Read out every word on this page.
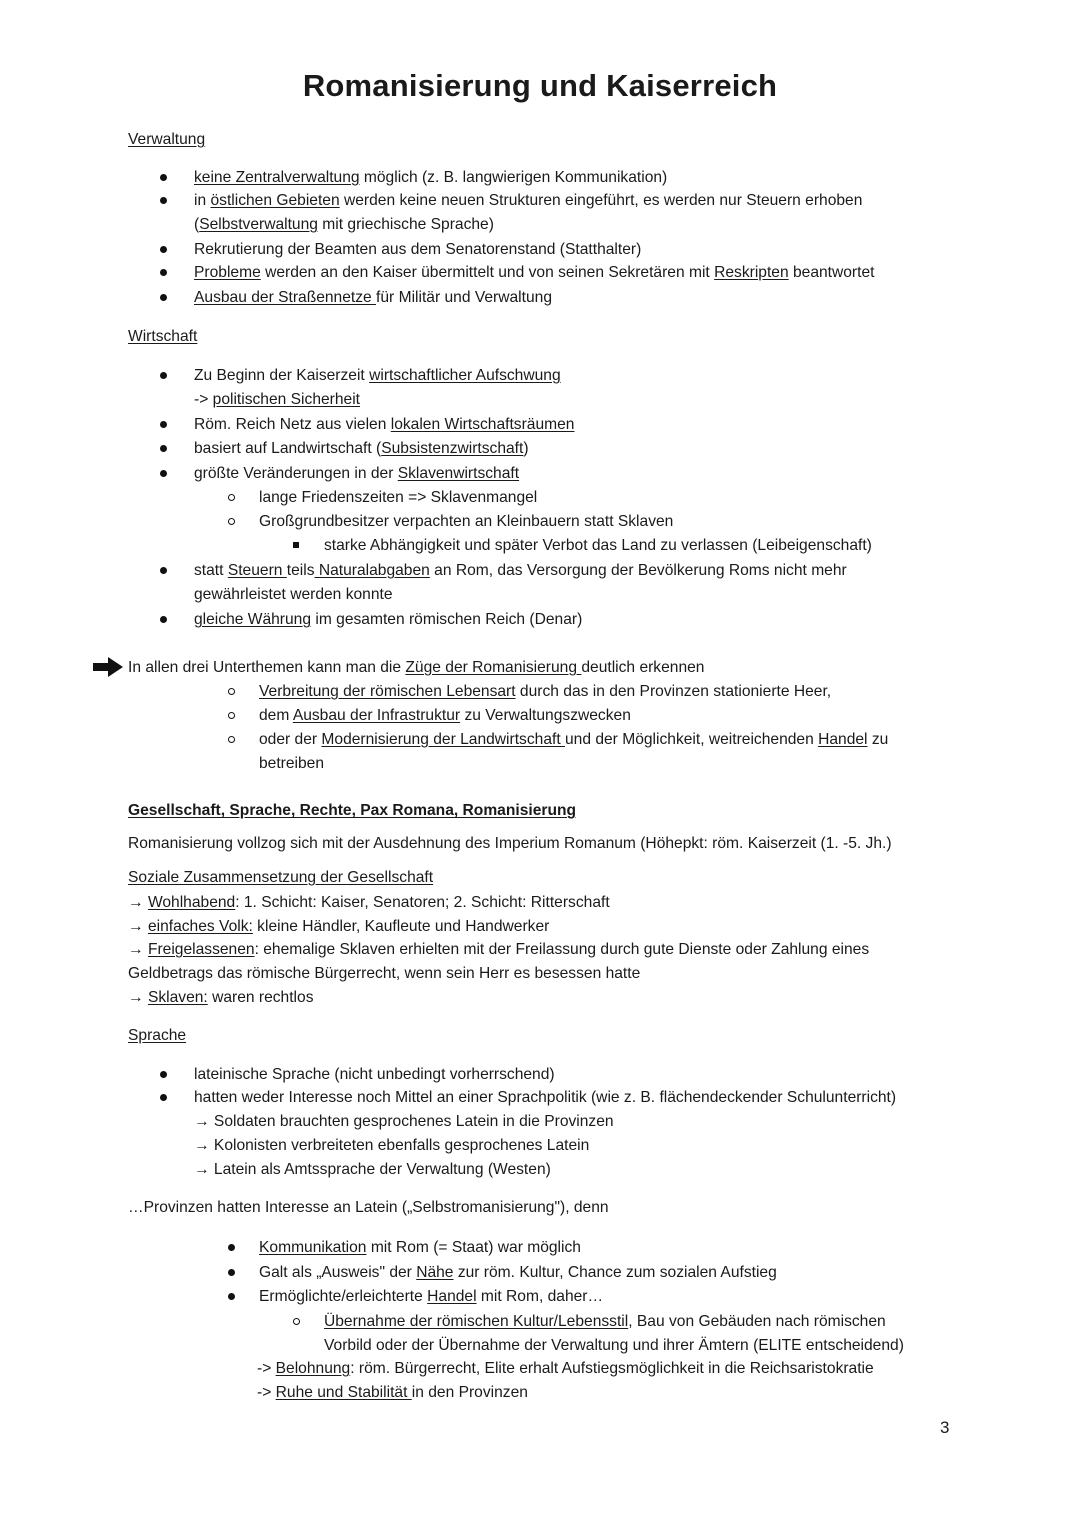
Romanisierung und Kaiserreich
Verwaltung
keine Zentralverwaltung möglich (z. B. langwierigen Kommunikation)
in östlichen Gebieten werden keine neuen Strukturen eingeführt, es werden nur Steuern erhoben
(Selbstverwaltung mit griechische Sprache)
Rekrutierung der Beamten aus dem Senatorenstand (Statthalter)
Probleme werden an den Kaiser übermittelt und von seinen Sekretären mit Reskripten beantwortet
Ausbau der Straßennetze für Militär und Verwaltung
Wirtschaft
Zu Beginn der Kaiserzeit wirtschaftlicher Aufschwung
-> politischen Sicherheit
Röm. Reich Netz aus vielen lokalen Wirtschaftsräumen
basiert auf Landwirtschaft (Subsistenzwirtschaft)
größte Veränderungen in der Sklavenwirtschaft
lange Friedenszeiten => Sklavenmangel
Großgrundbesitzer verpachten an Kleinbauern statt Sklaven
starke Abhängigkeit und später Verbot das Land zu verlassen (Leibeigenschaft)
statt Steuern teils Naturalabgaben an Rom, das Versorgung der Bevölkerung Roms nicht mehr
gewährleistet werden konnte
gleiche Währung im gesamten römischen Reich (Denar)
In allen drei Unterthemen kann man die Züge der Romanisierung deutlich erkennen
Verbreitung der römischen Lebensart durch das in den Provinzen stationierte Heer,
dem Ausbau der Infrastruktur zu Verwaltungszwecken
oder der Modernisierung der Landwirtschaft und der Möglichkeit, weitreichenden Handel zu
betreiben
Gesellschaft, Sprache, Rechte, Pax Romana, Romanisierung
Romanisierung vollzog sich mit der Ausdehnung des Imperium Romanum (Höhepkt: röm. Kaiserzeit (1. -5. Jh.)
Soziale Zusammensetzung der Gesellschaft
→ Wohlhabend: 1. Schicht: Kaiser, Senatoren; 2. Schicht: Ritterschaft
→ einfaches Volk: kleine Händler, Kaufleute und Handwerker
→ Freigelassenen: ehemalige Sklaven erhielten mit der Freilassung durch gute Dienste oder Zahlung eines
Geldbetrags das römische Bürgerrecht, wenn sein Herr es besessen hatte
→ Sklaven: waren rechtlos
Sprache
lateinische Sprache (nicht unbedingt vorherrschend)
hatten weder Interesse noch Mittel an einer Sprachpolitik (wie z. B. flächendeckender Schulunterricht)
→ Soldaten brauchten gesprochenes Latein in die Provinzen
→ Kolonisten verbreiteten ebenfalls gesprochenes Latein
→ Latein als Amtssprache der Verwaltung (Westen)
…Provinzen hatten Interesse an Latein („Selbstromanisierung"), denn
Kommunikation mit Rom (= Staat) war möglich
Galt als „Ausweis" der Nähe zur röm. Kultur, Chance zum sozialen Aufstieg
Ermöglichte/erleichterte Handel mit Rom, daher…
Übernahme der römischen Kultur/Lebensstil, Bau von Gebäuden nach römischen
Vorbild oder der Übernahme der Verwaltung und ihrer Ämtern (ELITE entscheidend)
-> Belohnung: röm. Bürgerrecht, Elite erhalt Aufstiegsmöglichkeit in die Reichsaristokratie
-> Ruhe und Stabilität in den Provinzen
3
